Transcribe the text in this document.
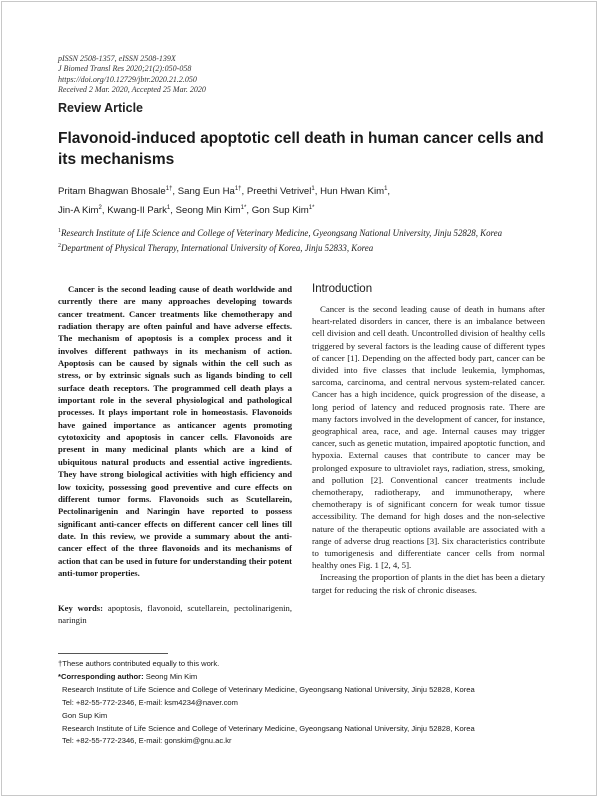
pISSN 2508-1357, eISSN 2508-139X
J Biomed Transl Res 2020;21(2):050-058
https://doi.org/10.12729/jbtr.2020.21.2.050
Received 2 Mar. 2020, Accepted 25 Mar. 2020
Review Article
Flavonoid-induced apoptotic cell death in human cancer cells and its mechanisms
Pritam Bhagwan Bhosale$^{1\dagger}$, Sang Eun $Ha^{1\dagger}$, Preethi Vetrivel$^1$, Hun Hwan Kim$^1$,
Jin-A Kim$^2$, Kwang-Il Park$^1$, Seong Min Kim$^{1*}$, Gon Sup Kim$^{1*}$
$^1$Research Institute of Life Science and College of Veterinary Medicine, Gyeongsang National University, Jinju 52828, Korea
$^2$Department of Physical Therapy, International University of Korea, Jinju 52833, Korea
Cancer is the second leading cause of death worldwide and currently there are many approaches developing towards cancer treatment. Cancer treatments like chemotherapy and radiation therapy are often painful and have adverse effects. The mechanism of apoptosis is a complex process and it involves different pathways in its mechanism of action. Apoptosis can be caused by signals within the cell such as stress, or by extrinsic signals such as ligands binding to cell surface death receptors. The programmed cell death plays a important role in the several physiological and pathological processes. It plays important role in homeostasis. Flavonoids have gained importance as anticancer agents promoting cytotoxicity and apoptosis in cancer cells. Flavonoids are present in many medicinal plants which are a kind of ubiquitous natural products and essential active ingredients. They have strong biological activities with high efficiency and low toxicity, possessing good preventive and cure effects on different tumor forms. Flavonoids such as Scutellarein, Pectolinarigenin and Naringin have reported to possess significant anti-cancer effects on different cancer cell lines till date. In this review, we provide a summary about the anti-cancer effect of the three flavonoids and its mechanisms of action that can be used in future for understanding their potent anti-tumor properties.
Key words: apoptosis, flavonoid, scutellarein, pectolinarigenin, naringin
Introduction

Cancer is the second leading cause of death in humans after heart-related disorders in cancer, there is an imbalance between cell division and cell death. Uncontrolled division of healthy cells triggered by several factors is the leading cause of different types of cancer [1]. Depending on the affected body part, cancer can be divided into five classes that include leukemia, lymphomas, sarcoma, carcinoma, and central nervous system-related cancer. Cancer has a high incidence, quick progression of the disease, a long period of latency and reduced prognosis rate. There are many factors involved in the development of cancer, for instance, geographical area, race, and age. Internal causes may trigger cancer, such as genetic mutation, impaired apoptotic function, and hypoxia. External causes that contribute to cancer may be prolonged exposure to ultraviolet rays, radiation, stress, smoking, and pollution [2]. Conventional cancer treatments include chemotherapy, radiotherapy, and immunotherapy, where chemotherapy is of significant concern for weak tumor tissue accessibility. The demand for high doses and the non-selective nature of the therapeutic options available are associated with a range of adverse drug reactions [3]. Six characteristics contribute to tumorigenesis and differentiate cancer cells from normal healthy ones Fig. 1 [2, 4, 5].

Increasing the proportion of plants in the diet has been a dietary target for reducing the risk of chronic diseases.

†These authors contributed equally to this work.
*Corresponding author: Seong Min Kim
Research Institute of Life Science and College of Veterinary Medicine, Gyeongsang National University, Jinju 52828, Korea
Tel: +82-55-772-2346, E-mail: ksm4234@naver.com
Gon Sup Kim
Research Institute of Life Science and College of Veterinary Medicine, Gyeongsang National University, Jinju 52828, Korea
Tel: +82-55-772-2346, E-mail: gonskim@gnu.ac.kr
